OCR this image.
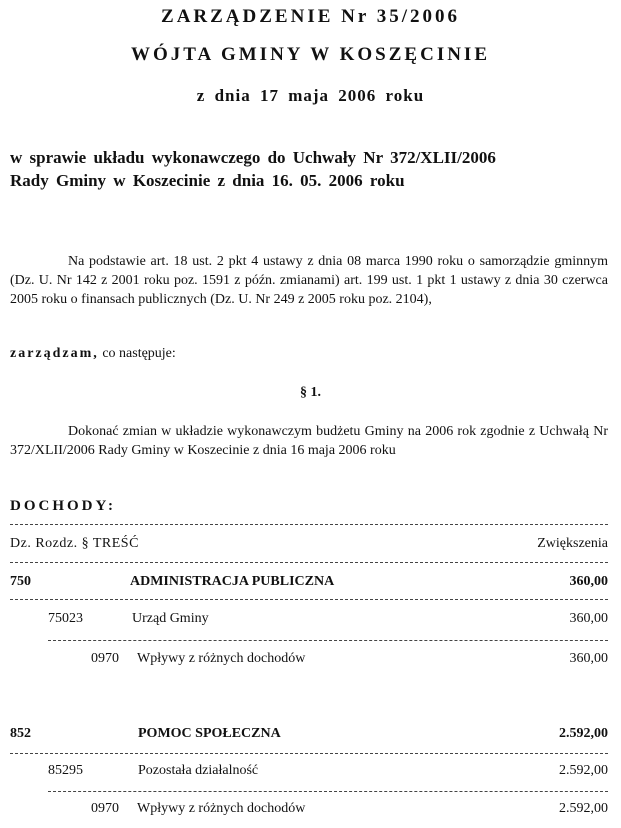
ZARZĄDZENIE Nr 35/2006
WÓJTA GMINY W KOSZĘCINIE
z dnia 17 maja 2006 roku
w sprawie układu wykonawczego do Uchwały Nr 372/XLII/2006
Rady Gminy w Koszecinie z dnia 16. 05. 2006 roku
Na podstawie art. 18 ust. 2 pkt 4 ustawy z dnia 08 marca 1990 roku o samorządzie gminnym (Dz. U. Nr 142 z 2001 roku poz. 1591 z późn. zmianami) art. 199 ust. 1 pkt 1 ustawy z dnia 30 czerwca 2005 roku o finansach publicznych (Dz. U. Nr 249 z 2005 roku poz. 2104),
zarządzam, co następuje:
§ 1.
Dokonać zmian w układzie wykonawczym budżetu Gminy na 2006 rok zgodnie z Uchwałą Nr 372/XLII/2006 Rady Gminy w Koszecinie z dnia 16 maja 2006 roku
DOCHODY:
Dz. Rozdz. § TREŚĆ	Zwiększenia
750	ADMINISTRACJA PUBLICZNA	360,00
75023	Urząd Gminy	360,00
0970 Wpływy z różnych dochodów	360,00
852	POMOC SPOŁECZNA	2.592,00
85295	Pozostała działalność	2.592,00
0970 Wpływy z różnych dochodów	2.592,00
